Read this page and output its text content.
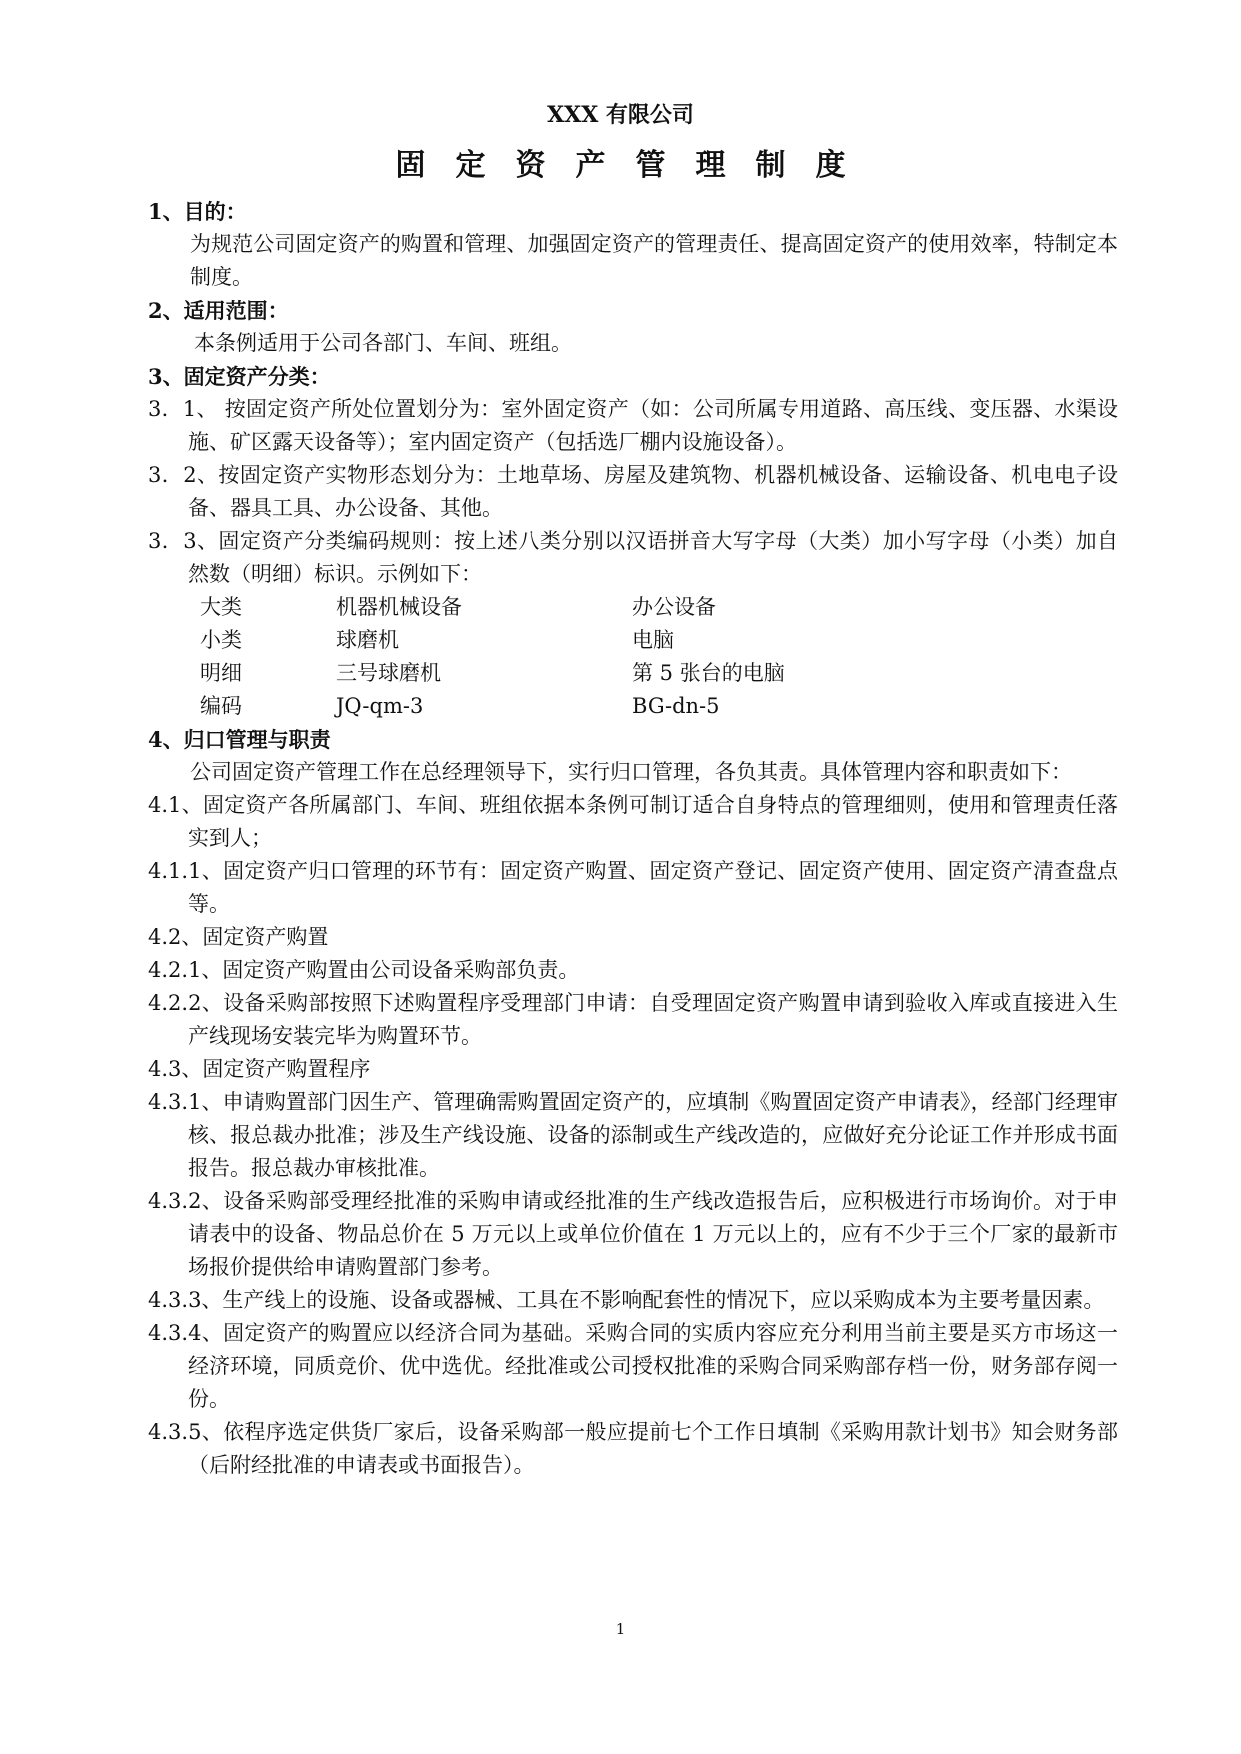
XXX 有限公司
固定资产管理制度

1、目的：

为规范公司固定资产的购置和管理、加强固定资产的管理责任、提高固定资产的使用效率，特制定本制度。

2、适用范围：

本条例适用于公司各部门、车间、班组。

3、固定资产分类：

3．1、 按固定资产所处位置划分为：室外固定资产（如：公司所属专用道路、高压线、变压器、水渠设施、矿区露天设备等）；室内固定资产（包括选厂棚内设施设备）。

3．2、按固定资产实物形态划分为：土地草场、房屋及建筑物、机器机械设备、运输设备、机电电子设备、器具工具、办公设备、其他。

3．3、固定资产分类编码规则：按上述八类分别以汉语拼音大写字母（大类）加小写字母（小类）加自然数（明细）标识。示例如下：

大类	机器机械设备	办公设备
小类	球磨机	电脑
明细	三号球磨机	第 5 张台的电脑
编码	JQ-qm-3	BG-dn-5

4、归口管理与职责

公司固定资产管理工作在总经理领导下，实行归口管理，各负其责。具体管理内容和职责如下：

4.1、固定资产各所属部门、车间、班组依据本条例可制订适合自身特点的管理细则，使用和管理责任落实到人；

4.1.1、固定资产归口管理的环节有：固定资产购置、固定资产登记、固定资产使用、固定资产清查盘点等。

4.2、固定资产购置

4.2.1、固定资产购置由公司设备采购部负责。

4.2.2、设备采购部按照下述购置程序受理部门申请：自受理固定资产购置申请到验收入库或直接进入生产线现场安装完毕为购置环节。

4.3、固定资产购置程序

4.3.1、申请购置部门因生产、管理确需购置固定资产的，应填制《购置固定资产申请表》，经部门经理审核、报总裁办批准；涉及生产线设施、设备的添制或生产线改造的，应做好充分论证工作并形成书面报告。报总裁办审核批准。

4.3.2、设备采购部受理经批准的采购申请或经批准的生产线改造报告后，应积极进行市场询价。对于申请表中的设备、物品总价在 5 万元以上或单位价值在 1 万元以上的，应有不少于三个厂家的最新市场报价提供给申请购置部门参考。

4.3.3、生产线上的设施、设备或器械、工具在不影响配套性的情况下，应以采购成本为主要考量因素。

4.3.4、固定资产的购置应以经济合同为基础。采购合同的实质内容应充分利用当前主要是买方市场这一经济环境，同质竞价、优中选优。经批准或公司授权批准的采购合同采购部存档一份，财务部存阅一份。

4.3.5、依程序选定供货厂家后，设备采购部一般应提前七个工作日填制《采购用款计划书》知会财务部（后附经批准的申请表或书面报告）。

1
